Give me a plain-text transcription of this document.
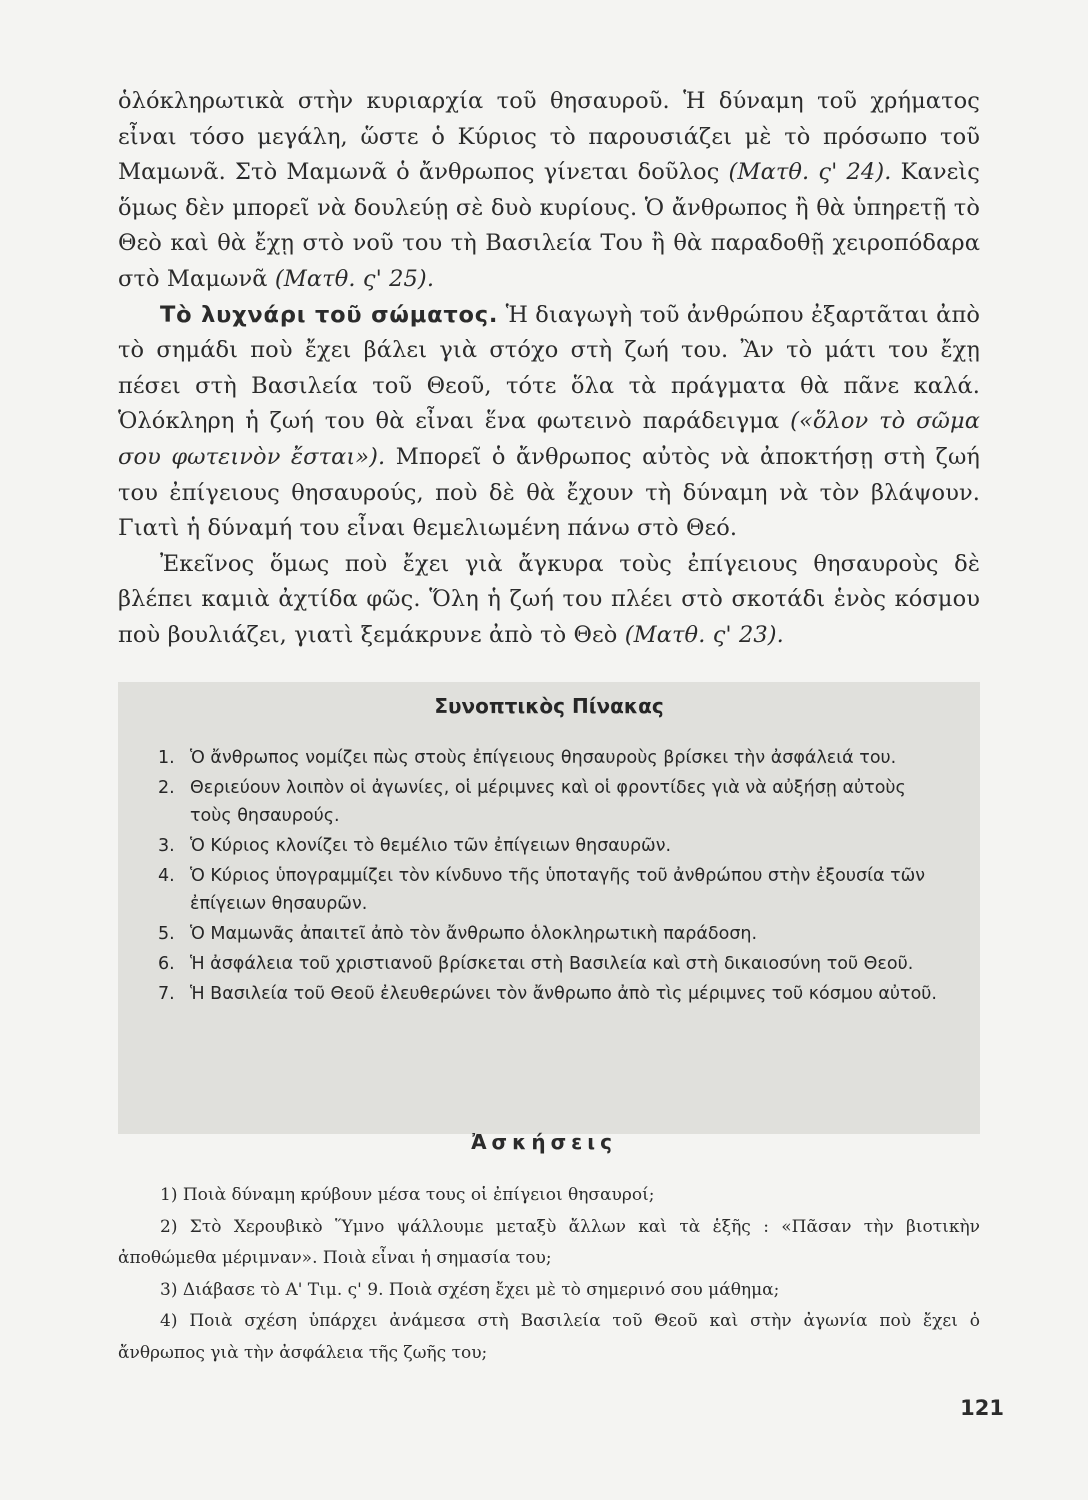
ὁλόκληρωτικὰ στὴν κυριαρχία τοῦ θησαυροῦ. Ἡ δύναμη τοῦ χρήματος εἶναι τόσο μεγάλη, ὥστε ὁ Κύριος τὸ παρουσιάζει μὲ τὸ πρόσωπο τοῦ Μαμωνᾶ. Στὸ Μαμωνᾶ ὁ ἄνθρωπος γίνεται δοῦλος (Ματθ. ς' 24). Κανεὶς ὅμως δὲν μπορεῖ νὰ δουλεύῃ σὲ δυὸ κυρίους. Ὁ ἄνθρωπος ἢ θὰ ὑπηρετῇ τὸ Θεὸ καὶ θὰ ἔχῃ στὸ νοῦ του τὴ Βασιλεία Του ἢ θὰ παραδοθῇ χειροπόδαρα στὸ Μαμωνᾶ (Ματθ. ς' 25).

Τὸ λυχνάρι τοῦ σώματος. Ἡ διαγωγὴ τοῦ ἀνθρώπου ἐξαρτᾶται ἀπὸ τὸ σημάδι ποὺ ἔχει βάλει γιὰ στόχο στὴ ζωή του. Ἂν τὸ μάτι του ἔχῃ πέσει στὴ Βασιλεία τοῦ Θεοῦ, τότε ὅλα τὰ πράγματα θὰ πᾶνε καλά. Ὁλόκληρη ἡ ζωή του θὰ εἶναι ἕνα φωτεινὸ παράδειγμα («ὅλον τὸ σῶμα σου φωτεινὸν ἔσται»). Μπορεῖ ὁ ἄνθρωπος αὐτὸς νὰ ἀποκτήσῃ στὴ ζωή του ἐπίγειους θησαυρούς, ποὺ δὲ θὰ ἔχουν τὴ δύναμη νὰ τὸν βλάψουν. Γιατὶ ἡ δύναμή του εἶναι θεμελιωμένη πάνω στὸ Θεό.

Ἐκεῖνος ὅμως ποὺ ἔχει γιὰ ἄγκυρα τοὺς ἐπίγειους θησαυροὺς δὲ βλέπει καμιὰ ἀχτίδα φῶς. Ὅλη ἡ ζωή του πλέει στὸ σκοτάδι ἑνὸς κόσμου ποὺ βουλιάζει, γιατὶ ξεμάκρυνε ἀπὸ τὸ Θεὸ (Ματθ. ς' 23).

Συνοπτικὸς Πίνακας
1. Ὁ ἄνθρωπος νομίζει πὼς στοὺς ἐπίγειους θησαυροὺς βρίσκει τὴν ἀσφάλειά του.
2. Θεριεύουν λοιπὸν οἱ ἀγωνίες, οἱ μέριμνες καὶ οἱ φροντίδες γιὰ νὰ αὐξήσῃ αὐτοὺς τοὺς θησαυρούς.
3. Ὁ Κύριος κλονίζει τὸ θεμέλιο τῶν ἐπίγειων θησαυρῶν.
4. Ὁ Κύριος ὑπογραμμίζει τὸν κίνδυνο τῆς ὑποταγῆς τοῦ ἀνθρώπου στὴν ἐξουσία τῶν ἐπίγειων θησαυρῶν.
5. Ὁ Μαμωνᾶς ἀπαιτεῖ ἀπὸ τὸν ἄνθρωπο ὁλοκληρωτικὴ παράδοση.
6. Ἡ ἀσφάλεια τοῦ χριστιανοῦ βρίσκεται στὴ Βασιλεία καὶ στὴ δικαιοσύνη τοῦ Θεοῦ.
7. Ἡ Βασιλεία τοῦ Θεοῦ ἐλευθερώνει τὸν ἄνθρωπο ἀπὸ τὶς μέριμνες τοῦ κόσμου αὐτοῦ.
Ἀσκήσεις
1) Ποιὰ δύναμη κρύβουν μέσα τους οἱ ἐπίγειοι θησαυροί;
2) Στὸ Χερουβικὸ Ὕμνο ψάλλουμε μεταξὺ ἄλλων καὶ τὰ ἑξῆς : «Πᾶσαν τὴν βιοτικὴν ἀποθώμεθα μέριμναν». Ποιὰ εἶναι ἡ σημασία του;
3) Διάβασε τὸ Α' Τιμ. ς' 9. Ποιὰ σχέση ἔχει μὲ τὸ σημερινό σου μάθημα;
4) Ποιὰ σχέση ὑπάρχει ἀνάμεσα στὴ Βασιλεία τοῦ Θεοῦ καὶ στὴν ἀγωνία ποὺ ἔχει ὁ ἄνθρωπος γιὰ τὴν ἀσφάλεια τῆς ζωῆς του;
121
